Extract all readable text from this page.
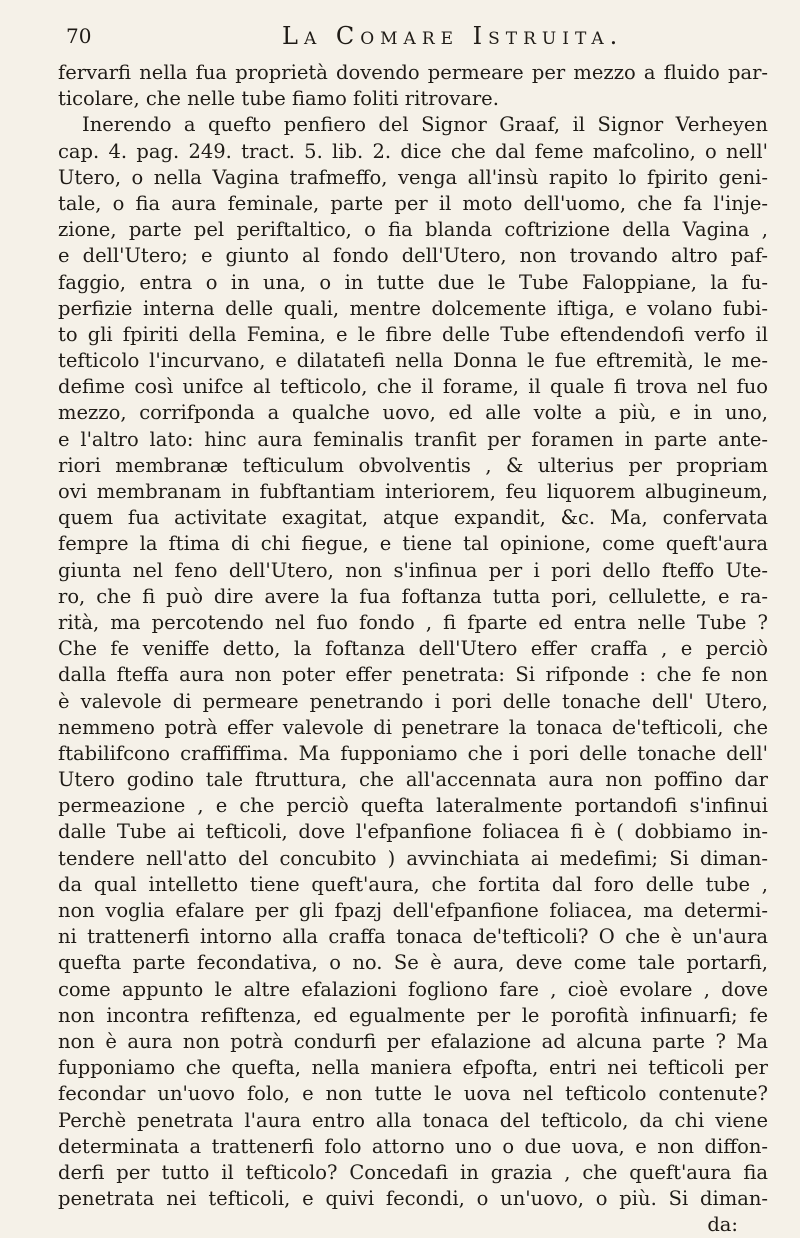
70	La Comare Istruita.
fervarfi nella fua proprietà dovendo permeare per mezzo a fluido par-
ticolare, che nelle tube fiamo foliti ritrovare.
Inerendo a quefto penfiero del Signor Graaf, il Signor Verheyen
cap. 4. pag. 249. tract. 5. lib. 2. dice che dal feme mafcolino, o nell'
Utero, o nella Vagina trafmeffo, venga all'insù rapito lo fpirito geni-
tale, o fia aura feminale, parte per il moto dell'uomo, che fa l'inje-
zione, parte pel periftaltico, o fia blanda coftrizione della Vagina ,
e dell'Utero; e giunto al fondo dell'Utero, non trovando altro paf-
faggio, entra o in una, o in tutte due le Tube Faloppiane, la fu-
perfizie interna delle quali, mentre dolcemente iftiga, e volano fubi-
to gli fpiriti della Femina, e le fibre delle Tube eftendendofi verfo il
tefticolo l'incurvano, e dilatatefi nella Donna le fue eftremità, le me-
defime così unifce al tefticolo, che il forame, il quale fi trova nel fuo
mezzo, corrifponda a qualche uovo, ed alle volte a più, e in uno,
e l'altro lato: hinc aura feminalis tranfit per foramen in parte ante-
riori membranæ tefticulum obvolventis , & ulterius per propriam
ovi membranam in fubftantiam interiorem, feu liquorem albugineum,
quem fua activitate exagitat, atque expandit, &c. Ma, confervata
fempre la ftima di chi fiegue, e tiene tal opinione, come queft'aura
giunta nel feno dell'Utero, non s'infinua per i pori dello fteffo Ute-
ro, che fi può dire avere la fua foftanza tutta pori, cellulette, e ra-
rità, ma percotendo nel fuo fondo , fi fparte ed entra nelle Tube ?
Che fe veniffe detto, la foftanza dell'Utero effer craffa , e perciò
dalla fteffa aura non poter effer penetrata: Si rifponde : che fe non
è valevole di permeare penetrando i pori delle tonache dell' Utero,
nemmeno potrà effer valevole di penetrare la tonaca de'tefticoli, che
ftabilifcono craffiffima. Ma fupponiamo che i pori delle tonache dell'
Utero godino tale ftruttura, che all'accennata aura non poffino dar
permeazione , e che perciò quefta lateralmente portandofi s'infinui
dalle Tube ai tefticoli, dove l'efpanfione foliacea fi è ( dobbiamo in-
tendere nell'atto del concubito ) avvinchiata ai medefimi; Si diman-
da qual intelletto tiene queft'aura, che fortita dal foro delle tube ,
non voglia efalare per gli fpazj dell'efpanfione foliacea, ma determi-
ni trattenerfi intorno alla craffa tonaca de'tefticoli? O che è un'aura
quefta parte fecondativa, o no. Se è aura, deve come tale portarfi,
come appunto le altre efalazioni fogliono fare , cioè evolare , dove
non incontra refiftenza, ed egualmente per le porofità infinuarfi; fe
non è aura non potrà condurfi per efalazione ad alcuna parte ? Ma
fupponiamo che quefta, nella maniera efpofta, entri nei tefticoli per
fecondar un'uovo folo, e non tutte le uova nel tefticolo contenute?
Perchè penetrata l'aura entro alla tonaca del tefticolo, da chi viene
determinata a trattenerfi folo attorno uno o due uova, e non diffon-
derfi per tutto il tefticolo? Concedafi in grazia , che queft'aura fia
penetrata nei tefticoli, e quivi fecondi, o un'uovo, o più. Si diman-
da:
